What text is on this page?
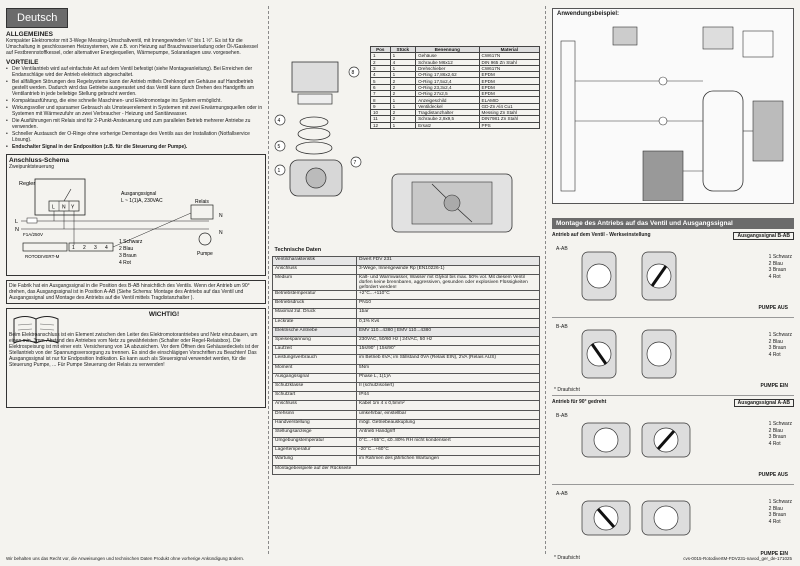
Deutsch
ALLGEMEINES
Kompakter Elektromotor mit 3-Wege Messing-Umschaltventil, mit Innengewinden ½" bis 1 ½". Es ist für die Umschaltung in geschlossenen Heizsystemen, wie z.B. von Heizung auf Brauchwasserladung oder Öl-/Gaskessel auf Festbrennstoffkessel, oder alternativer Energiequellen, Wärmepumpe, Solaranlagen usw. vorgesehen.
VORTEILE
• Der Ventilantrieb wird auf einfachste Art auf dem Ventil befestigt (siehe Montageanleitung). Bei Erreichen der Endanschläge wird der Antrieb elektrisch abgeschaltet.
• Bei allfälligen Störungen des Regelsystems kann der Antrieb mittels Drehknopf am Gehäuse auf Handbetrieb gestellt werden. Dadurch wird das Getriebe ausgerastet und das Ventil kann durch Drehen des Handgriffs am Ventilantrieb in jede beliebige Stellung gebracht werden.
• Kompaktausführung, die eine schnelle Maschinen- und Elektromontage ins System ermöglicht.
• Wirkungsvoller und sparsamer Gebrauch als Umsteuerelement in Systemen mit zwei Erwärmungsquellen oder in Systemen mit Wärmezufuhr an zwei Verbraucher - Heizung und Sanitärwasser.
• Die Ausführungen mit Relais sind für 2-Punkt-Ansteuerung und zum parallelen Betrieb mehrerer Antriebe zu verwenden.
• Schneller Austausch der O-Ringe ohne vorherige Demontage des Ventils aus der Installation (Notfallservice Lösung).
• Endschalter Signal in der Endposition (z.B. für die Steuerung der Pumpe).
Anschluss-Schema
Zweipunktsteuerung
Regler
L N Y
L
N
F1A/250V
1 2 3 4
ROTODIVERT-M
Ausgangssignal
L ~ 1(1)A, 230VAC	Relais
N
N
Pumpe
1 Schwarz
2 Blau
3 Braun
4 Rot
Die Fabrik hat ein Ausgangssignal in die Position des B-AB hinsichtlich des Ventils. Wenn der Antrieb um 90° drehen, das Ausgangssignal ist in Position A-AB (Siehe Schema: Montage des Antriebs auf das Ventil und Ausgangssignal und Montage des Antriebs auf die Ventil mittels Tragdistanzhalter ).
WICHTIG!
Beim Elektroanschluss ist ein Element zwischen den Leiter des Elektromotorantriebes und Netz einzubauen, um einen min. 3mm-Abstand des Antriebes vom Netz zu gewährleisten (Schalter oder Regel-Relaisbox). Die Elektrospeisung ist mit einer extr. Versicherung von 1A abzusichern. Vor dem Öffnen des Gehäusedeckels ist der Stellantrieb von der Spannungsversorgung zu trennen. Es sind die einschlägigen Vorschriften zu Beachten! Das Ausgangssignal ist nur für Endposition Indikation. Es kann auch als Steuersignal verwendet werden, für die Steuerung Pumpe, ... Für Pumpe Steuerung der Relais zu verwenden!
4
5
1
8
7
Pos	Stück	Benennung	Material
1	1	Gehäuse	CW617N
2	4	Schraube M6x12	DIN 965 Zn Stahl
3	1	Drehschieber	CW617N
4	1	O-Ring 17,86x2,62	EPDM
5	2	O-Ring 17,5x2,4	EPDM
6	2	O-Ring 23,3x2,4	EPDM
7	2	O-Ring 27x2,5	EPDM
8	1	Anzeigeschild	ELAMID
9	1	Ventildeckel	GD-Zn Al4 Cu1
10	2	Tragdistanzhalter	Messing Zn Stahl
11	2	Schraube 2,9x9,5	DIN7981 Zn Stahl
12	1	Ersatz	PPS
Technische Daten	
Ventilcharakteristik	Divert FDV 231
Anschluss	3-Wege, Innengewinde Rp (EN10226-1)
Medium	Kalt- und Warmwasser, Wasser mit Glykol bis max. 50% vol. Mit diesem Ventil dürfen keine brennbaren, aggressiven, gesunden oder explosiven Flüssigkeiten gefördert werden!
Betriebstemperatur	+2°C...+110°C
Betriebsdruck	PN10
Maximal zul. Druck	1bar
Leckrate	0,1% Kvs
Elektrische Antriebe	EMV 110...4380 | EMV 110...4380
Speisespannung	230VAC, 50/60 Hz | 24VAC, 50 Hz
Laufzeit	15s/90° | 15s/90°
Leistungsverbrauch	im Betrieb 6VA; im Stillstand 0VA (Relais EIN), 2VA (Relais AUS)
Moment	5Nm
Ausgangssignal	Phase L, 1(1)A
Schutzklasse	II (schutzisoliert)
Schutzart	IP44
Anschluss	Kabel 1m 4 x 0,5mm²
Drehsinn	umkehrbar, einstellbar
Handverstellung	mögl. Getriebeauskuplung
Stellungsanzeige	Antrieb Handgriff
Umgebungstemperatur	0°C...+55°C, ≤0..80% RH nicht kondensiert
Lagertemperatur	-20°C...+60°C
Wartung	im Rahmen des jährlichen Wartungen
Montagebeispiele auf der Rückseite	
Anwendungsbeispiel:
Montage des Antriebs auf das Ventil und Ausgangssignal
Antrieb auf dem Ventil - Werkseinstellung	Ausgangssignal B-AB
A-AB
1 Schwarz
2 Blau
3 Braun
4 Rot
PUMPE AUS
B-AB
1 Schwarz
2 Blau
3 Braun
4 Rot
* Draufsicht
PUMPE EIN
Antrieb für 90° gedreht	Ausgangssignal A-AB
B-AB
1 Schwarz
2 Blau
3 Braun
4 Rot
PUMPE AUS
A-AB
1 Schwarz
2 Blau
3 Braun
4 Rot
* Draufsicht
PUMPE EIN
Wir behalten uns das Recht vor, die Anweisungen und technischen Daten Produkt ohne vorherige Ankündigung ändern.	cvs-0015-RotodivertM-FDV231-navod_ger_de-171025
